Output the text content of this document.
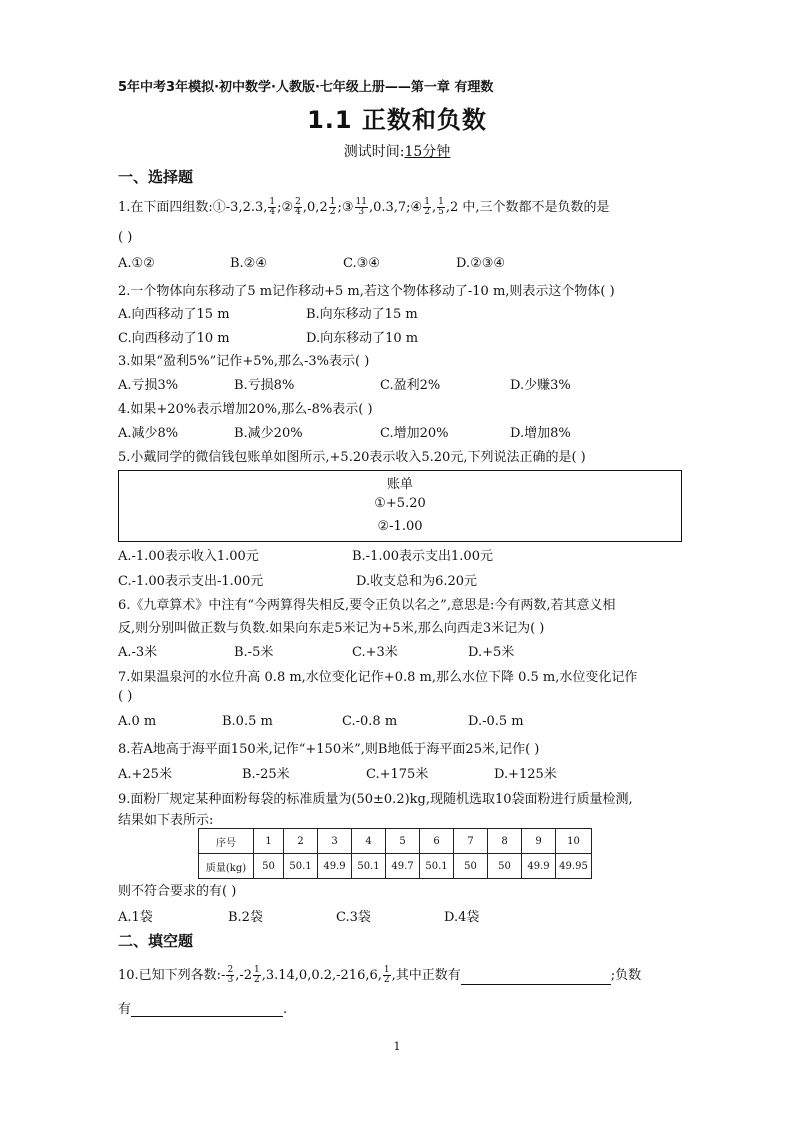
5年中考3年模拟·初中数学·人教版·七年级上册——第一章 有理数
1.1 正数和负数
测试时间:15分钟
一、选择题
1.在下面四组数:①-3,2.3, $\frac{1}{4}$ ;② $\frac{2}{4} ,0,2 \frac{1}{2}$ ;③ $\frac{11}{3}$ ,0.3,7;④ $\frac{1}{2}$ , $\frac{1}{5} ,2$ 中,三个数都不是负数的是
( )
A.①②	B.②④	C.③④	D.②③④
2.一个物体向东移动了5 m记作移动+5 m,若这个物体移动了-10 m,则表示这个物体( )
A.向西移动了15 m	B.向东移动了15 m
C.向西移动了10 m	D.向东移动了10 m
3.如果“盈利5%”记作+5%,那么-3%表示( )
A.亏损3%	B.亏损8%	C.盈利2%	D.少赚3%
4.如果+20%表示增加20%,那么-8%表示( )
A.减少8%	B.减少20%	C.增加20%	D.增加8%
5.小戴同学的微信钱包账单如图所示,+5.20表示收入5.20元,下列说法正确的是( )
账单
①+5.20
②-1.00
A.-1.00表示收入1.00元	B.-1.00表示支出1.00元
C.-1.00表示支出-1.00元	D.收支总和为6.20元
6.《九章算术》中注有“今两算得失相反,要令正负以名之”,意思是:今有两数,若其意义相
反,则分别叫做正数与负数.如果向东走5米记为+5米,那么向西走3米记为( )
A.-3米	B.-5米	C.+3米	D.+5米
7.如果温泉河的水位升高 0.8 m,水位变化记作+0.8 m,那么水位下降 0.5 m,水位变化记作
( )
A.0 m	B.0.5 m	C.-0.8 m	D.-0.5 m
8.若A地高于海平面150米,记作“+150米”,则B地低于海平面25米,记作( )
A.+25米	B.-25米	C.+175米	D.+125米
9.面粉厂规定某种面粉每袋的标准质量为(50±0.2)kg,现随机选取10袋面粉进行质量检测,
结果如下表所示:
序号	1	2	3	4	5	6	7	8	9	10
质量(kg)	50	50.1	49.9	50.1	49.7	50.1	50	50	49.9	49.95
则不符合要求的有( )
A.1袋	B.2袋	C.3袋	D.4袋
二、填空题
10.已知下列各数:- $\frac{2}{3} ,-2 \frac{1}{2} ,3.14,0,0.2,-216,6$, $\frac{1}{2}$ ,其中正数有	;负数
有	.
1
